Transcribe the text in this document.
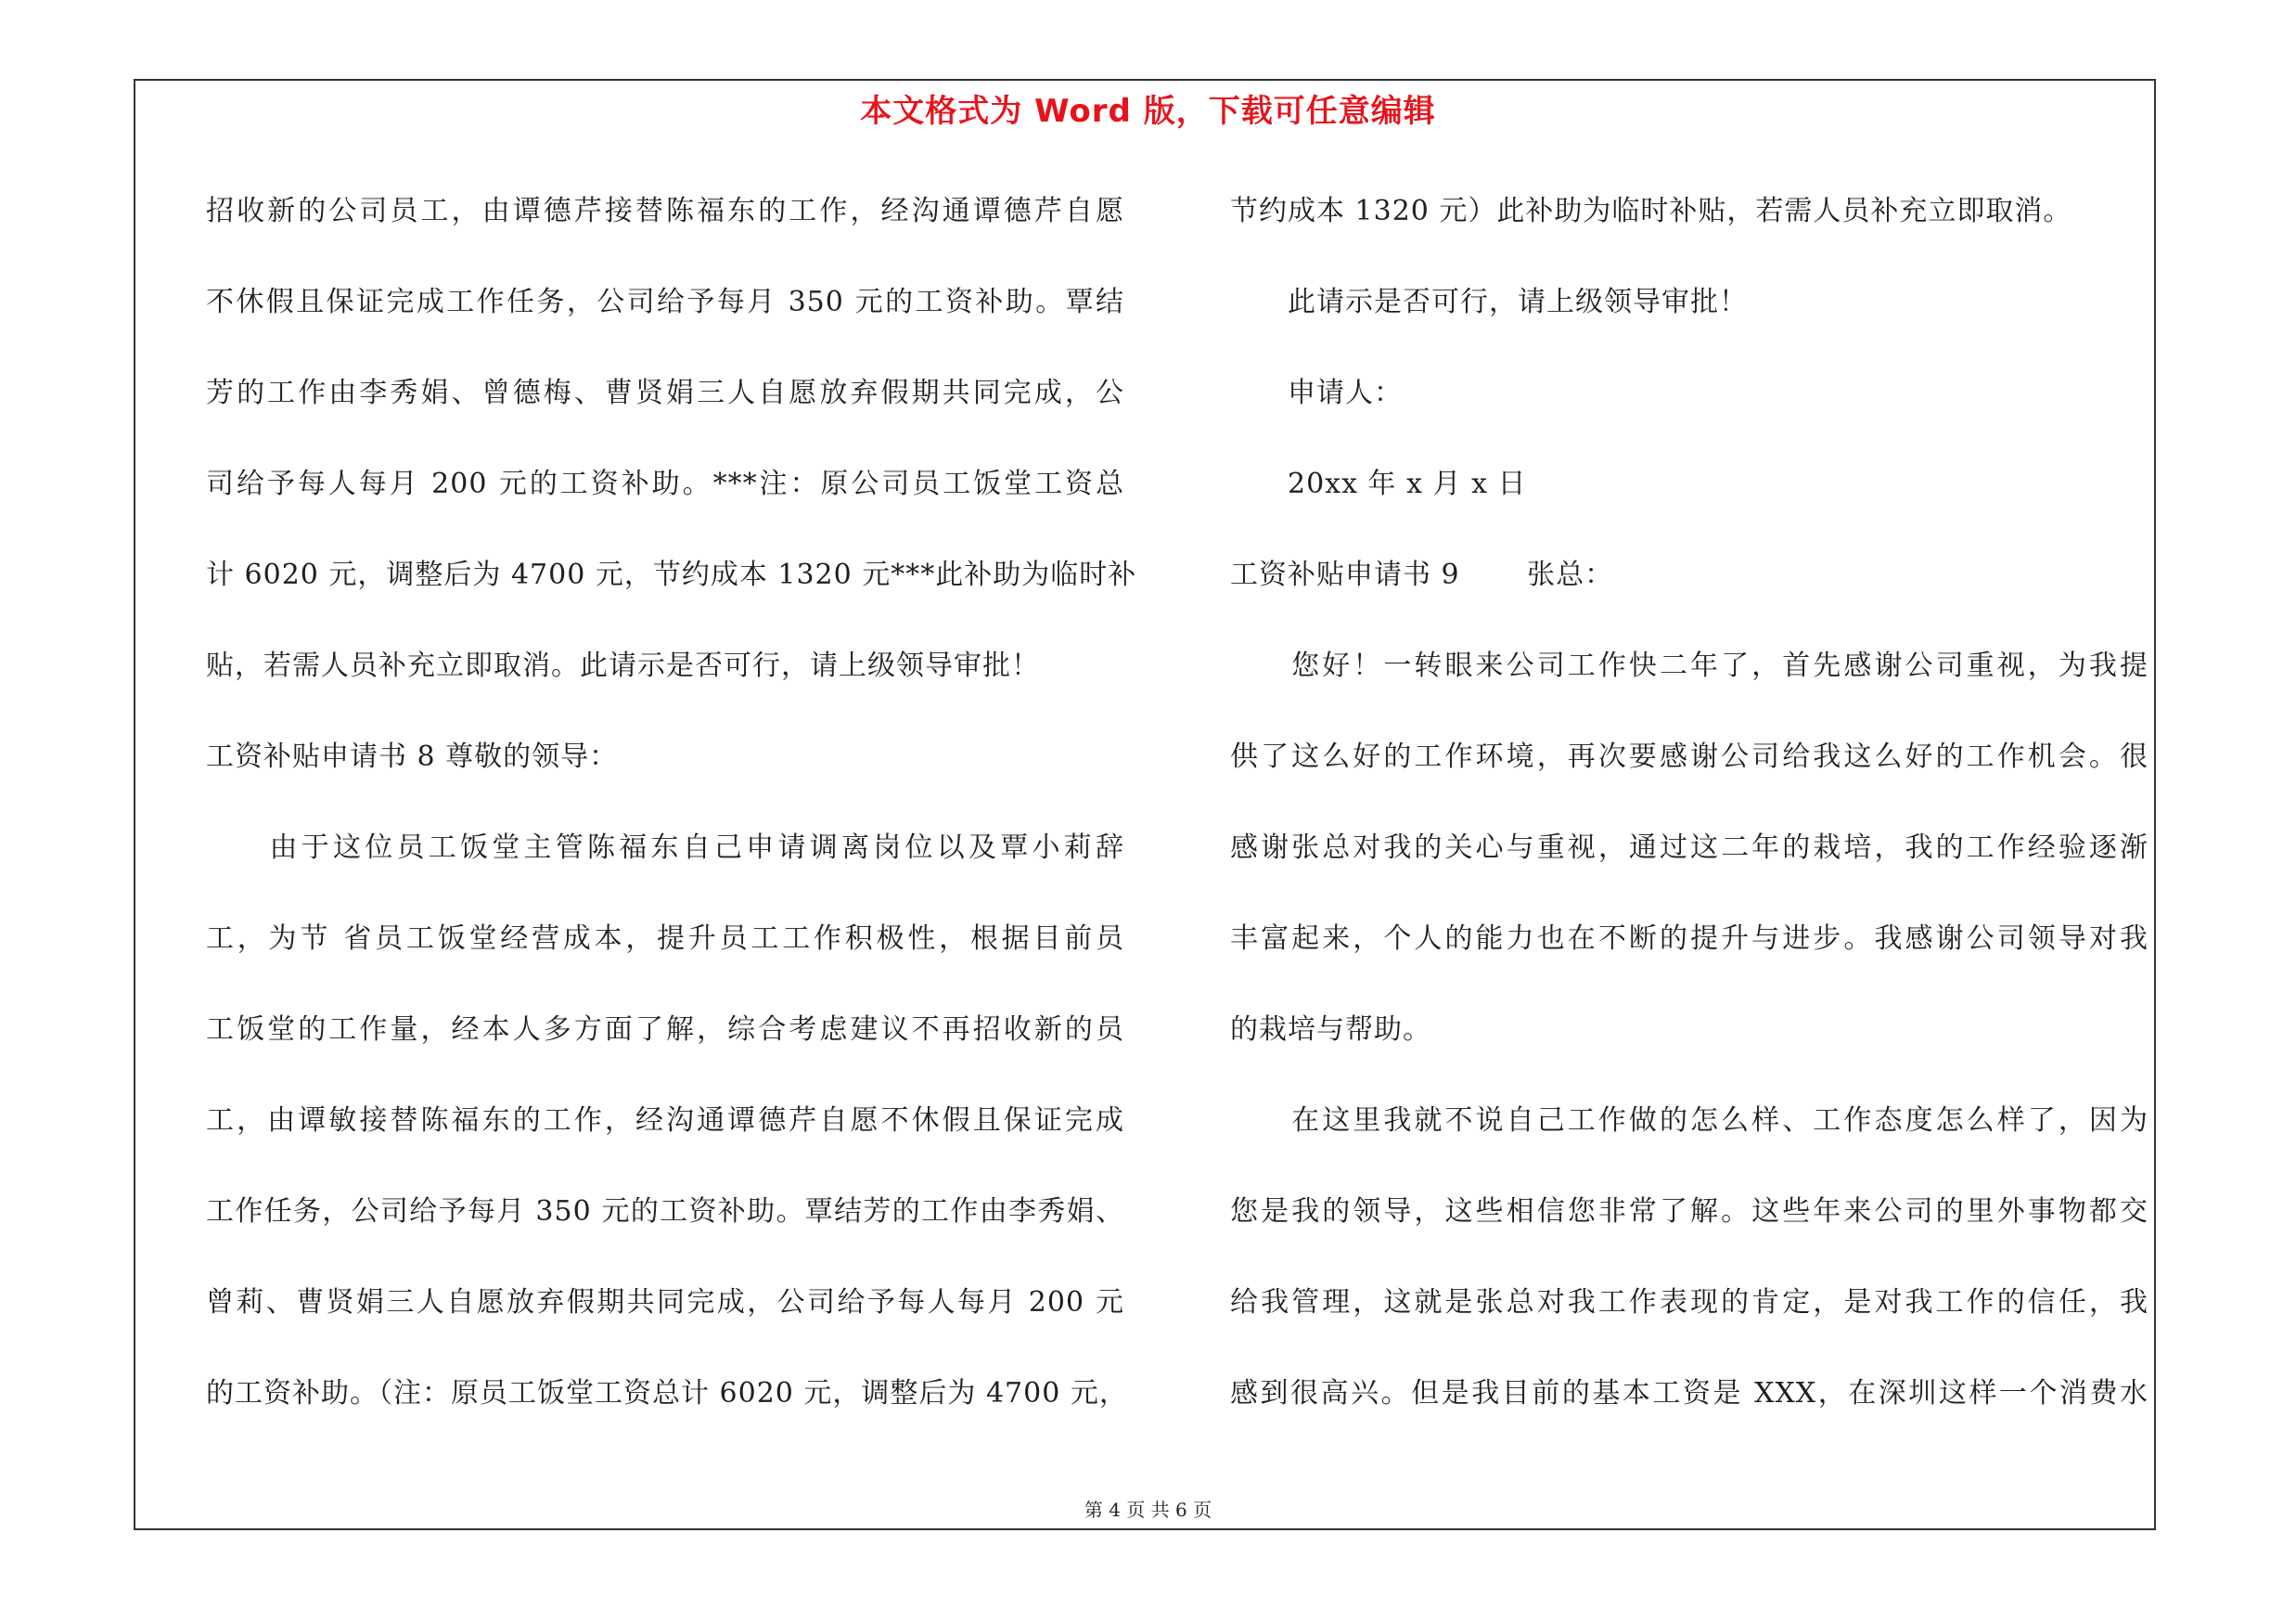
本文格式为 Word 版，下载可任意编辑
招收新的公司员工，由谭德芹接替陈福东的工作，经沟通谭德芹自愿
不休假且保证完成工作任务，公司给予每月 350 元的工资补助。覃结
芳的工作由李秀娟、曾德梅、曹贤娟三人自愿放弃假期共同完成，公
司给予每人每月 200 元的工资补助。***注：原公司员工饭堂工资总
计 6020 元，调整后为 4700 元，节约成本 1320 元***此补助为临时补
贴，若需人员补充立即取消。此请示是否可行，请上级领导审批！
工资补贴申请书 8 尊敬的领导：
　　由于这位员工饭堂主管陈福东自己申请调离岗位以及覃小莉辞
工，为节 省员工饭堂经营成本，提升员工工作积极性，根据目前员
工饭堂的工作量，经本人多方面了解，综合考虑建议不再招收新的员
工，由谭敏接替陈福东的工作，经沟通谭德芹自愿不休假且保证完成
工作任务，公司给予每月 350 元的工资补助。覃结芳的工作由李秀娟、
曾莉、曹贤娟三人自愿放弃假期共同完成，公司给予每人每月 200 元
的工资补助。（注：原员工饭堂工资总计 6020 元，调整后为 4700 元，
节约成本 1320 元）此补助为临时补贴，若需人员补充立即取消。
　　此请示是否可行，请上级领导审批！
　　申请人：
　　20xx 年 x 月 x 日
工资补贴申请书 9　　 张总：
　　您好！一转眼来公司工作快二年了，首先感谢公司重视，为我提
供了这么好的工作环境，再次要感谢公司给我这么好的工作机会。很
感谢张总对我的关心与重视，通过这二年的栽培，我的工作经验逐渐
丰富起来，个人的能力也在不断的提升与进步。我感谢公司领导对我
的栽培与帮助。
　　在这里我就不说自己工作做的怎么样、工作态度怎么样了，因为
您是我的领导，这些相信您非常了解。这些年来公司的里外事物都交
给我管理，这就是张总对我工作表现的肯定，是对我工作的信任，我
感到很高兴。但是我目前的基本工资是 XXX，在深圳这样一个消费水
第 4 页 共 6 页
